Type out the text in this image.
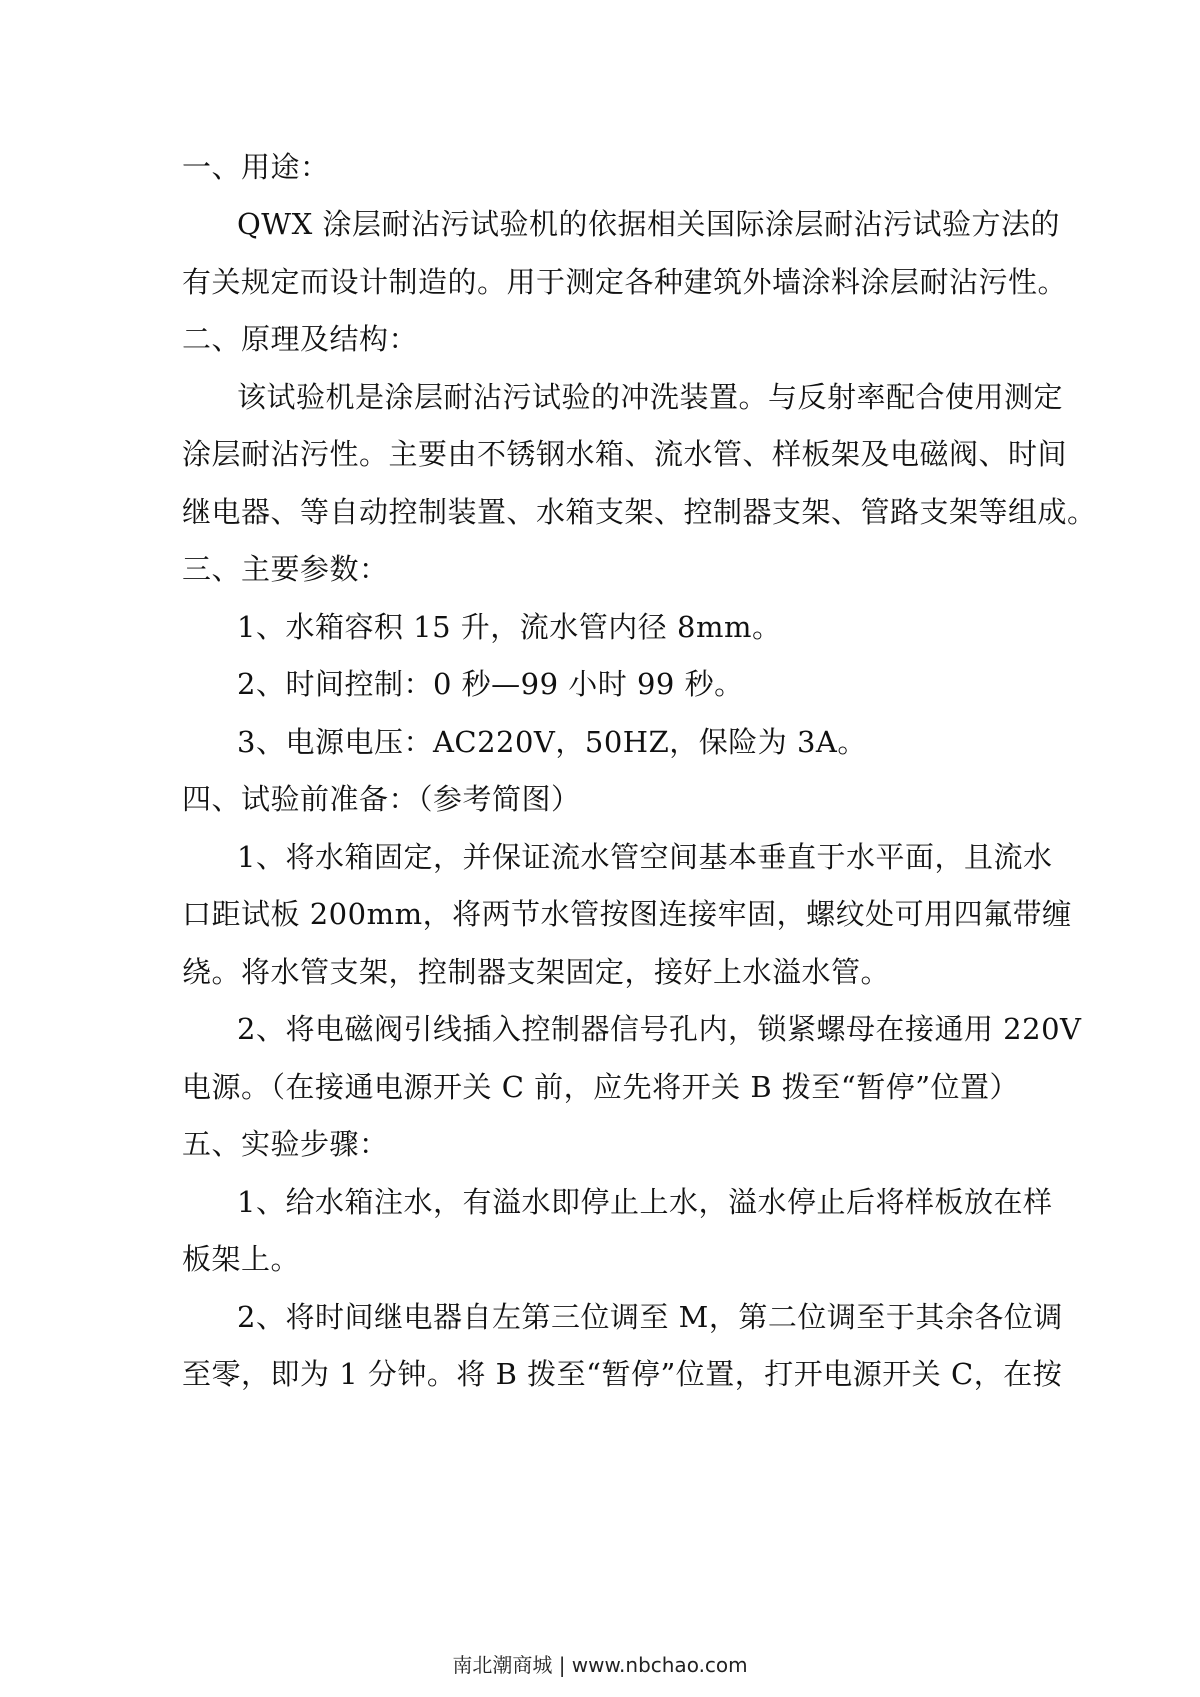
一、用途：
QWX 涂层耐沾污试验机的依据相关国际涂层耐沾污试验方法的
有关规定而设计制造的。用于测定各种建筑外墙涂料涂层耐沾污性。
二、原理及结构：
该试验机是涂层耐沾污试验的冲洗装置。与反射率配合使用测定
涂层耐沾污性。主要由不锈钢水箱、流水管、样板架及电磁阀、时间
继电器、等自动控制装置、水箱支架、控制器支架、管路支架等组成。
三、主要参数：
1、水箱容积 15 升，流水管内径 8mm。
2、时间控制：0 秒—99 小时 99 秒。
3、电源电压：AC220V，50HZ，保险为 3A。
四、试验前准备：（参考简图）
1、将水箱固定，并保证流水管空间基本垂直于水平面，且流水
口距试板 200mm，将两节水管按图连接牢固，螺纹处可用四氟带缠
绕。将水管支架，控制器支架固定，接好上水溢水管。
2、将电磁阀引线插入控制器信号孔内，锁紧螺母在接通用 220V
电源。（在接通电源开关 C 前，应先将开关 B 拨至“暂停”位置）
五、实验步骤：
1、给水箱注水，有溢水即停止上水，溢水停止后将样板放在样
板架上。
2、将时间继电器自左第三位调至 M，第二位调至于其余各位调
至零，即为 1 分钟。将 B 拨至“暂停”位置，打开电源开关 C，在按
南北潮商城 | www.nbchao.com
